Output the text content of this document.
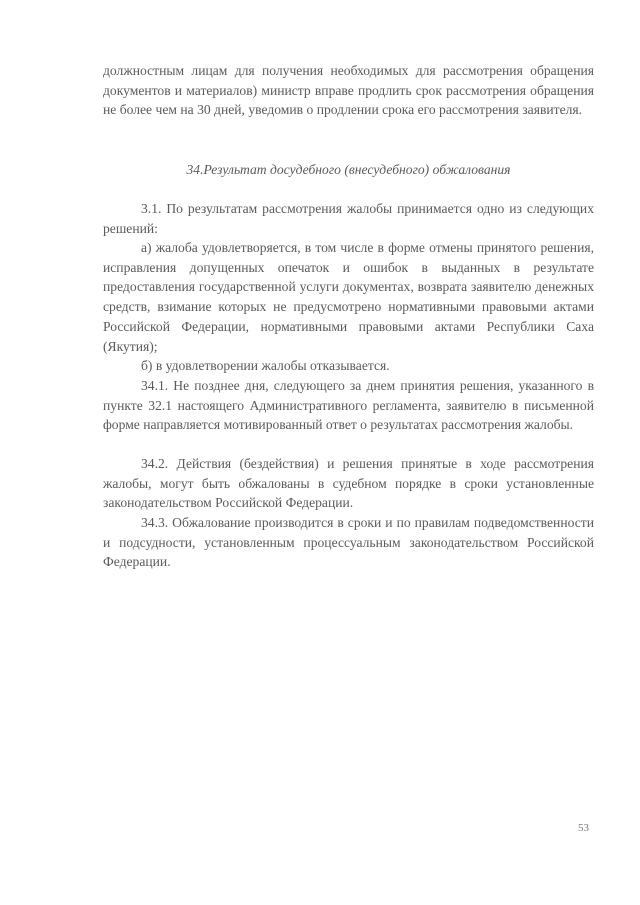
должностным лицам для получения необходимых для рассмотрения обращения документов и материалов) министр вправе продлить срок рассмотрения обращения не более чем на 30 дней, уведомив о продлении срока его рассмотрения заявителя.

34.Результат досудебного (внесудебного) обжалования

3.1. По результатам рассмотрения жалобы принимается одно из следующих решений:

а) жалоба удовлетворяется, в том числе в форме отмены принятого решения, исправления допущенных опечаток и ошибок в выданных в результате предоставления государственной услуги документах, возврата заявителю денежных средств, взимание которых не предусмотрено нормативными правовыми актами Российской Федерации, нормативными правовыми актами Республики Саха (Якутия);

б) в удовлетворении жалобы отказывается.

34.1. Не позднее дня, следующего за днем принятия решения, указанного в пункте 32.1 настоящего Административного регламента, заявителю в письменной форме направляется мотивированный ответ о результатах рассмотрения жалобы.

34.2. Действия (бездействия) и решения принятые в ходе рассмотрения жалобы, могут быть обжалованы в судебном порядке в сроки установленные законодательством Российской Федерации.

34.3. Обжалование производится в сроки и по правилам подведомственности и подсудности, установленным процессуальным законодательством Российской Федерации.

53
